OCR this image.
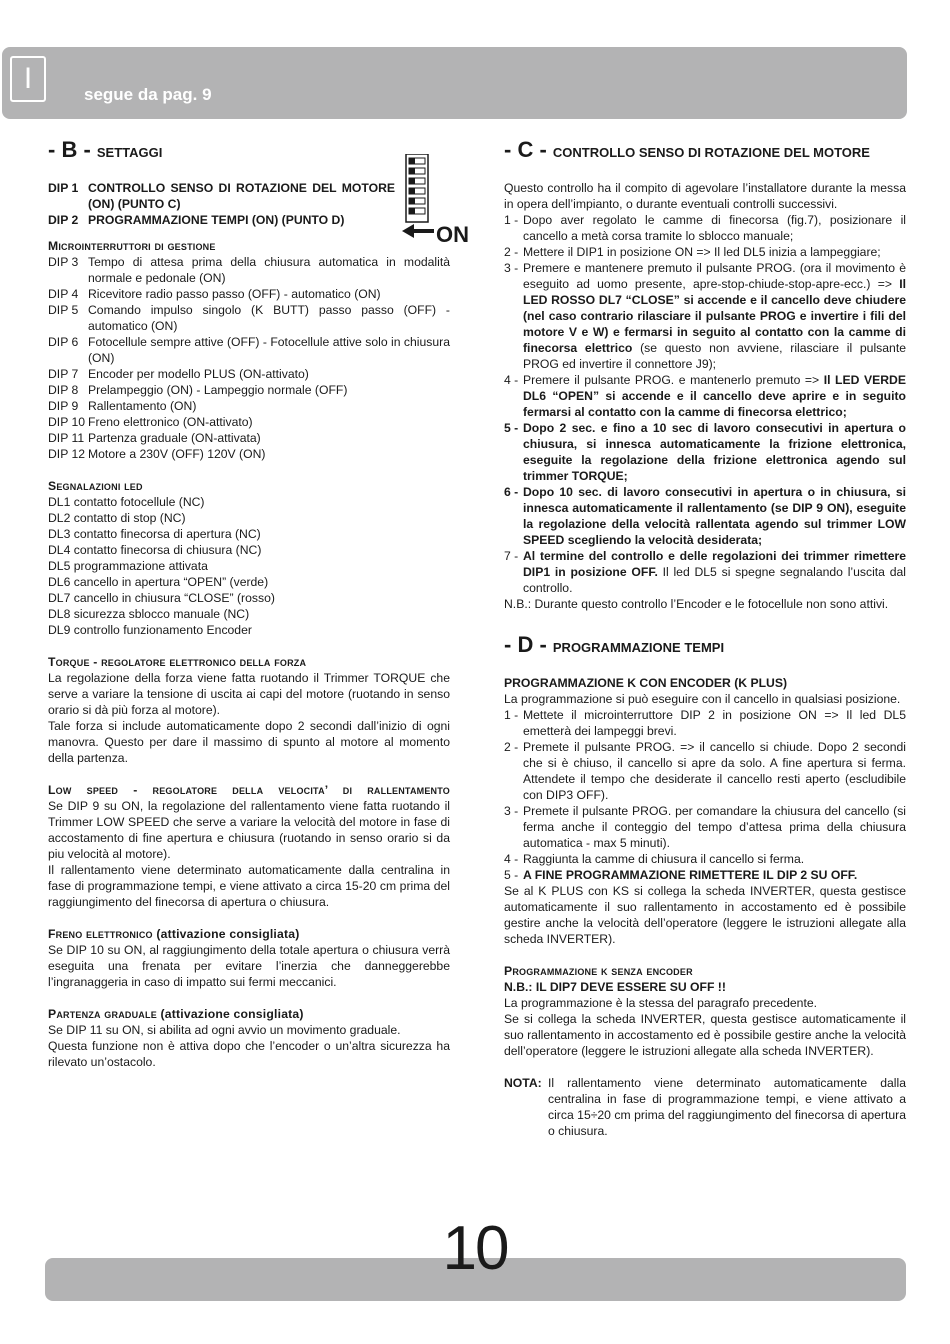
I	segue da pag. 9
ON
- B - SETTAGGI
DIP 1 CONTROLLO SENSO DI ROTAZIONE DEL MOTORE (ON) (PUNTO C)
DIP 2 PROGRAMMAZIONE TEMPI (ON) (PUNTO D)
Microinterruttori di gestione
DIP 3 Tempo di attesa prima della chiusura automatica in modalità normale e pedonale (ON)
DIP 4 Ricevitore radio passo passo (OFF) - automatico (ON)
DIP 5 Comando impulso singolo (K BUTT) passo passo (OFF) - automatico (ON)
DIP 6 Fotocellule sempre attive (OFF) - Fotocellule attive solo in chiusura (ON)
DIP 7 Encoder per modello PLUS (ON-attivato)
DIP 8 Prelampeggio (ON) - Lampeggio normale (OFF)
DIP 9 Rallentamento (ON)
DIP 10 Freno elettronico (ON-attivato)
DIP 11 Partenza graduale (ON-attivata)
DIP 12 Motore a 230V (OFF) 120V (ON)
Segnalazioni led
DL1 contatto fotocellule (NC)
DL2 contatto di stop (NC)
DL3 contatto finecorsa di apertura (NC)
DL4 contatto finecorsa di chiusura (NC)
DL5 programmazione attivata
DL6 cancello in apertura “OPEN” (verde)
DL7 cancello in chiusura “CLOSE” (rosso)
DL8 sicurezza sblocco manuale (NC)
DL9 controllo funzionamento Encoder
Torque - regolatore elettronico della forza

La regolazione della forza viene fatta ruotando il Trimmer TORQUE che serve a variare la tensione di uscita ai capi del motore (ruotando in senso orario si dà più forza al motore).

Tale forza si include automaticamente dopo 2 secondi dall’inizio di ogni manovra. Questo per dare il massimo di spunto al motore al momento della partenza.

Low speed - regolatore della velocita’ di rallentamento

Se DIP 9 su ON, la regolazione del rallentamento viene fatta ruotando il Trimmer LOW SPEED che serve a variare la velocità del motore in fase di accostamento di fine apertura e chiusura (ruotando in senso orario si da piu velocità al motore).

Il rallentamento viene determinato automaticamente dalla centralina in fase di programmazione tempi, e viene attivato a circa 15-20 cm prima del raggiungimento del finecorsa di apertura o chiusura.

Freno elettronico (attivazione consigliata)

Se DIP 10 su ON, al raggiungimento della totale apertura o chiusura verrà eseguita una frenata per evitare l’inerzia che danneggerebbe l’ingranaggeria in caso di impatto sui fermi meccanici.

Partenza graduale (attivazione consigliata)

Se DIP 11 su ON, si abilita ad ogni avvio un movimento graduale.

Questa funzione non è attiva dopo che l’encoder o un’altra sicurezza ha rilevato un’ostacolo.

- C - CONTROLLO SENSO DI ROTAZIONE DEL MOTORE

Questo controllo ha il compito di agevolare l’installatore durante la messa in opera dell’impianto, o durante eventuali controlli successivi.

1 - Dopo aver regolato le camme di finecorsa (fig.7), posizionare il cancello a metà corsa tramite lo sblocco manuale;
2 - Mettere il DIP1 in posizione ON => Il led DL5 inizia a lampeggiare;
3 - Premere e mantenere premuto il pulsante PROG. (ora il movimento è eseguito ad uomo presente, apre-stop-chiude-stop-apre-ecc.) => Il LED ROSSO DL7 “CLOSE” si accende e il cancello deve chiudere (nel caso contrario rilasciare il pulsante PROG e invertire i fili del motore V e W) e fermarsi in seguito al contatto con la camme di finecorsa elettrico (se questo non avviene, rilasciare il pulsante PROG ed invertire il connettore J9);
4 - Premere il pulsante PROG. e mantenerlo premuto => Il LED VERDE DL6 “OPEN” si accende e il cancello deve aprire e in seguito fermarsi al contatto con la camme di finecorsa elettrico;
5 - Dopo 2 sec. e fino a 10 sec di lavoro consecutivi in apertura o chiusura, si innesca automaticamente la frizione elettronica, eseguite la regolazione della frizione elettronica agendo sul trimmer TORQUE;
6 - Dopo 10 sec. di lavoro consecutivi in apertura o in chiusura, si innesca automaticamente il rallentamento (se DIP 9 ON), eseguite la regolazione della velocità rallentata agendo sul trimmer LOW SPEED scegliendo la velocità desiderata;
7 - Al termine del controllo e delle regolazioni dei trimmer rimettere DIP1 in posizione OFF. Il led DL5 si spegne segnalando l’uscita dal controllo.

N.B.: Durante questo controllo l’Encoder e le fotocellule non sono attivi.

- D - PROGRAMMAZIONE TEMPI
PROGRAMMAZIONE K CON ENCODER (K PLUS)

La programmazione si può eseguire con il cancello in qualsiasi posizione.

1 - Mettete il microinterruttore DIP 2 in posizione ON => Il led DL5 emetterà dei lampeggi brevi.
2 - Premete il pulsante PROG. => il cancello si chiude. Dopo 2 secondi che si è chiuso, il cancello si apre da solo. A fine apertura si ferma. Attendete il tempo che desiderate il cancello resti aperto (escludibile con DIP3 OFF).
3 - Premete il pulsante PROG. per comandare la chiusura del cancello (si ferma anche il conteggio del tempo d’attesa prima della chiusura automatica - max 5 minuti).
4 - Raggiunta la camme di chiusura il cancello si ferma.
5 - A FINE PROGRAMMAZIONE RIMETTERE IL DIP 2 SU OFF.

Se al K PLUS con KS si collega la scheda INVERTER, questa gestisce automaticamente il suo rallentamento in accostamento ed è possibile gestire anche la velocità dell’operatore (leggere le istruzioni allegate alla scheda INVERTER).

Programmazione k senza encoder
N.B.: IL DIP7 DEVE ESSERE SU OFF !!

La programmazione è la stessa del paragrafo precedente.

Se si collega la scheda INVERTER, questa gestisce automaticamente il suo rallentamento in accostamento ed è possibile gestire anche la velocità dell’operatore (leggere le istruzioni allegate alla scheda INVERTER).

NOTA: Il rallentamento viene determinato automaticamente dalla centralina in fase di programmazione tempi, e viene attivato a circa 15÷20 cm prima del raggiungimento del finecorsa di apertura o chiusura.
10
